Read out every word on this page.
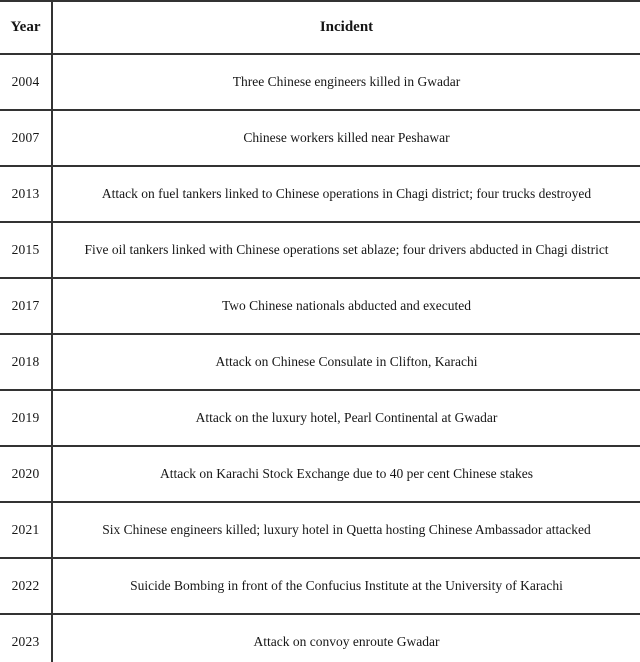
Year	Incident
2004	Three Chinese engineers killed in Gwadar
2007	Chinese workers killed near Peshawar
2013	Attack on fuel tankers linked to Chinese operations in Chagi district; four trucks destroyed
2015	Five oil tankers linked with Chinese operations set ablaze; four drivers abducted in Chagi district
2017	Two Chinese nationals abducted and executed
2018	Attack on Chinese Consulate in Clifton, Karachi
2019	Attack on the luxury hotel, Pearl Continental at Gwadar
2020	Attack on Karachi Stock Exchange due to 40 per cent Chinese stakes
2021	Six Chinese engineers killed; luxury hotel in Quetta hosting Chinese Ambassador attacked
2022	Suicide Bombing in front of the Confucius Institute at the University of Karachi
2023	Attack on convoy enroute Gwadar
